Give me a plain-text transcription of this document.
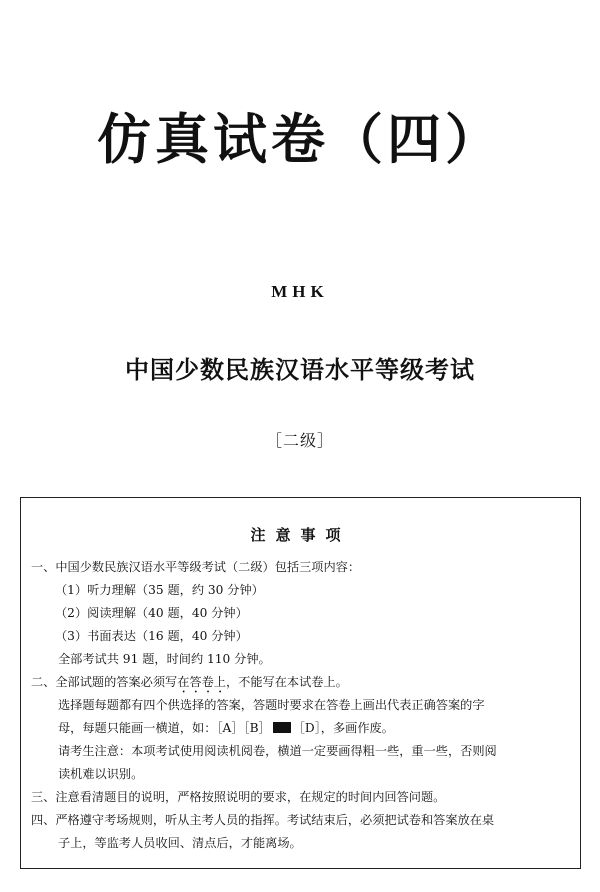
仿真试卷（四）
MHK
中国少数民族汉语水平等级考试
［二级］
注意事项
一、中国少数民族汉语水平等级考试（二级）包括三项内容：
（1）听力理解（35 题，约 30 分钟）
（2）阅读理解（40 题，40 分钟）
（3）书面表达（16 题，40 分钟）
全部考试共 91 题，时间约 110 分钟。
二、全部试题的答案必须写在答卷上，不能写在本试卷上。
选择题每题都有四个供选择的答案，答题时要求在答卷上画出代表正确答案的字
母，每题只能画一横道，如：［A］［B］ ［D］，多画作废。
请考生注意：本项考试使用阅读机阅卷，横道一定要画得粗一些，重一些，否则阅
读机难以识别。
三、注意看清题目的说明，严格按照说明的要求，在规定的时间内回答问题。
四、严格遵守考场规则，听从主考人员的指挥。考试结束后，必须把试卷和答案放在桌
子上，等监考人员收回、清点后，才能离场。
